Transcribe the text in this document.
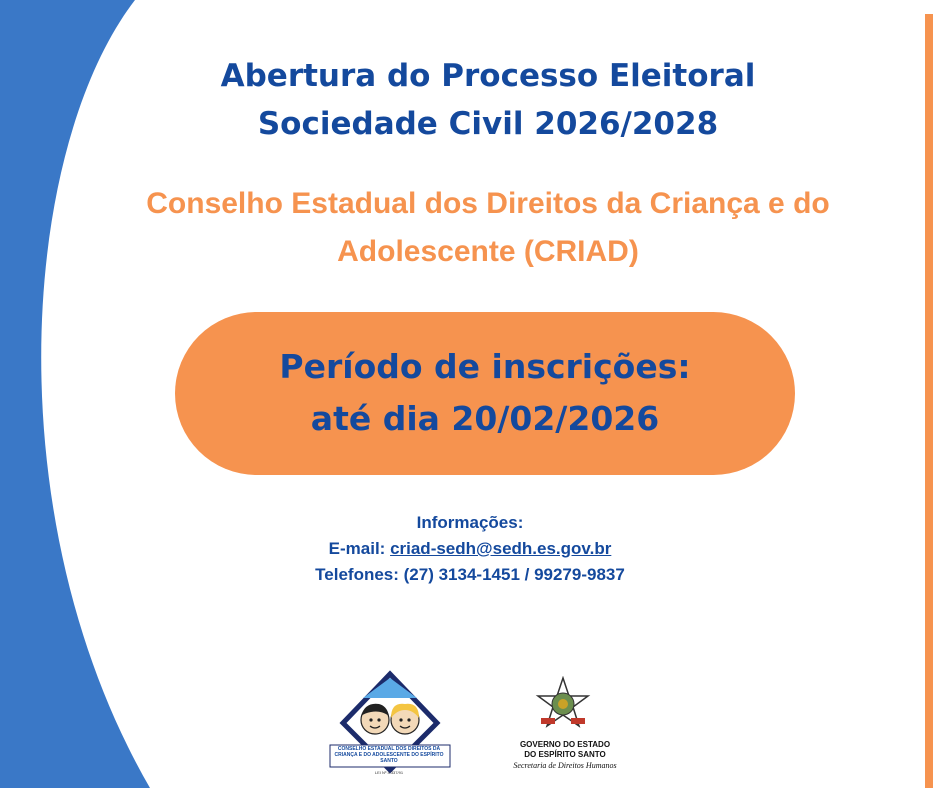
Abertura do Processo Eleitoral
Sociedade Civil 2026/2028
Conselho Estadual dos Direitos da Criança e do
Adolescente (CRIAD)
Período de inscrições:
até dia 20/02/2026
Informações:
E-mail: criad-sedh@sedh.es.gov.br
Telefones: (27) 3134-1451 / 99279-9837
CONSELHO ESTADUAL DOS DIREITOS DA CRIANÇA E DO ADOLESCENTE DO ESPÍRITO SANTO
LEI Nº 4.337/91
GOVERNO DO ESTADO
DO ESPÍRITO SANTO
Secretaria de Direitos Humanos
